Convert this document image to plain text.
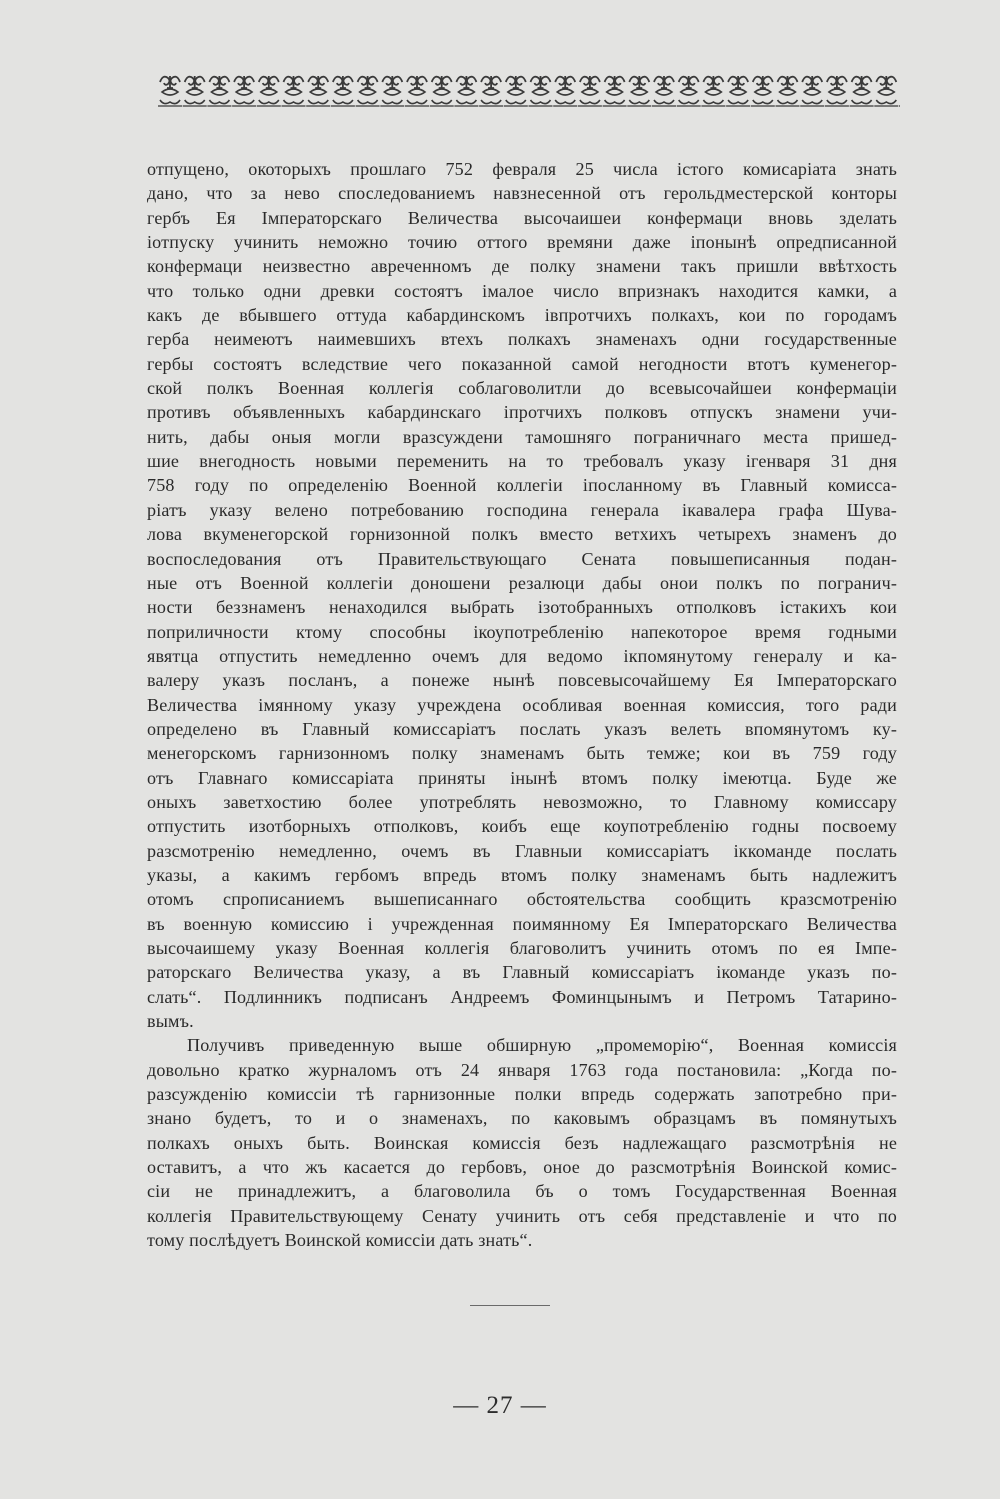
отпущено, окоторыхъ прошлаго 752 февраля 25 числа iстого комисарiата знать

дано, что за нево споследованиемъ навзнесенной отъ герольдместерской конторы

гербъ Ея Iмператорскаго Величества высочаишеи конфермаци вновь зделать

iотпуску учинить неможно точию оттого времяни даже iпонынѣ опредписанной

конфермаци неизвестно авреченномъ де полку знамени такъ пришли ввѣтхость

что только одни древки состоятъ iмалое число впризнакъ находится камки, а

какъ де вбывшего оттуда кабардинскомъ iвпротчихъ полкахъ, кои по городамъ

герба неимеютъ наимевшихъ втехъ полкахъ знаменахъ одни государственные

гербы состоятъ вследствие чего показанной самой негодности втотъ куменегор-

ской полкъ Военная коллегiя соблаговолитли до всевысочайшеи конфермацiи

противъ объявленныхъ кабардинскаго iпротчихъ полковъ отпускъ знамени учи-

нить, дабы оныя могли вразсуждени тамошняго пограничнаго места пришед-

шие внегодность новыми переменить на то требовалъ указу iгенваря 31 дня

758 году по определенiю Военной коллегiи iпосланному въ Главный комисса-

рiатъ указу велено потребованию господина генерала iкавалера графа Шува-

лова вкуменегорской горнизонной полкъ вместо ветхихъ четырехъ знаменъ до

воспоследования отъ Правительствующаго Сената повышеписанныя подан-

ные отъ Военной коллегiи доношени резалюци дабы онои полкъ по погранич-

ности беззнаменъ ненаходился выбрать iзотобранныхъ отполковъ iстакихъ кои

поприличности ктому способны iкоупотребленiю напекоторое время годными

явятца отпустить немедленно очемъ для ведомо iкпомянутому генералу и ка-

валеру указъ посланъ, а понеже нынѣ повсевысочайшему Ея Iмператорскаго

Величества iмянному указу учреждена особливая военная комиссия, того ради

определено въ Главный комиссарiатъ послать указъ велеть впомянутомъ ку-

менегорскомъ гарнизонномъ полку знаменамъ быть темже; кои въ 759 году

отъ Главнаго комиссарiата приняты iнынѣ втомъ полку iмеютца. Буде же

оныхъ заветхостию более употреблять невозможно, то Главному комиссару

отпустить изотборныхъ отполковъ, коибъ еще коупотребленiю годны посвоему

разсмотренiю немедленно, очемъ въ Главныи комиссарiатъ iккоманде послать

указы, а какимъ гербомъ впредь втомъ полку знаменамъ быть надлежитъ

отомъ спрописаниемъ вышеписаннаго обстоятельства сообщить кразсмотренiю

въ военную комиссию i учрежденная поимянному Ея Iмператорскаго Величества

высочаишему указу Военная коллегiя благоволитъ учинить отомъ по ея Iмпе-

раторскаго Величества указу, а въ Главный комиссарiатъ iкоманде указъ по-

слать“. Подлинникъ подписанъ Андреемъ Фоминцынымъ и Петромъ Татарино-

вымъ.

Получивъ приведенную выше обширную „промеморiю“, Военная комиссiя

довольно кратко журналомъ отъ 24 января 1763 года постановила: „Когда по-

разсужденiю комиссiи тѣ гарнизонные полки впредь содержать запотребно при-

знано будетъ, то и о знаменахъ, по каковымъ образцамъ въ помянутыхъ

полкахъ оныхъ быть. Воинская комиссiя безъ надлежащаго разсмотрѣнiя не

оставитъ, а что жъ касается до гербовъ, оное до разсмотрѣнiя Воинской комис-

сiи не принадлежитъ, а благоволила бъ о томъ Государственная Военная

коллегiя Правительствующему Сенату учинить отъ себя представленiе и что по

тому послѣдуетъ Воинской комиссiи дать знать“.

— 27 —
